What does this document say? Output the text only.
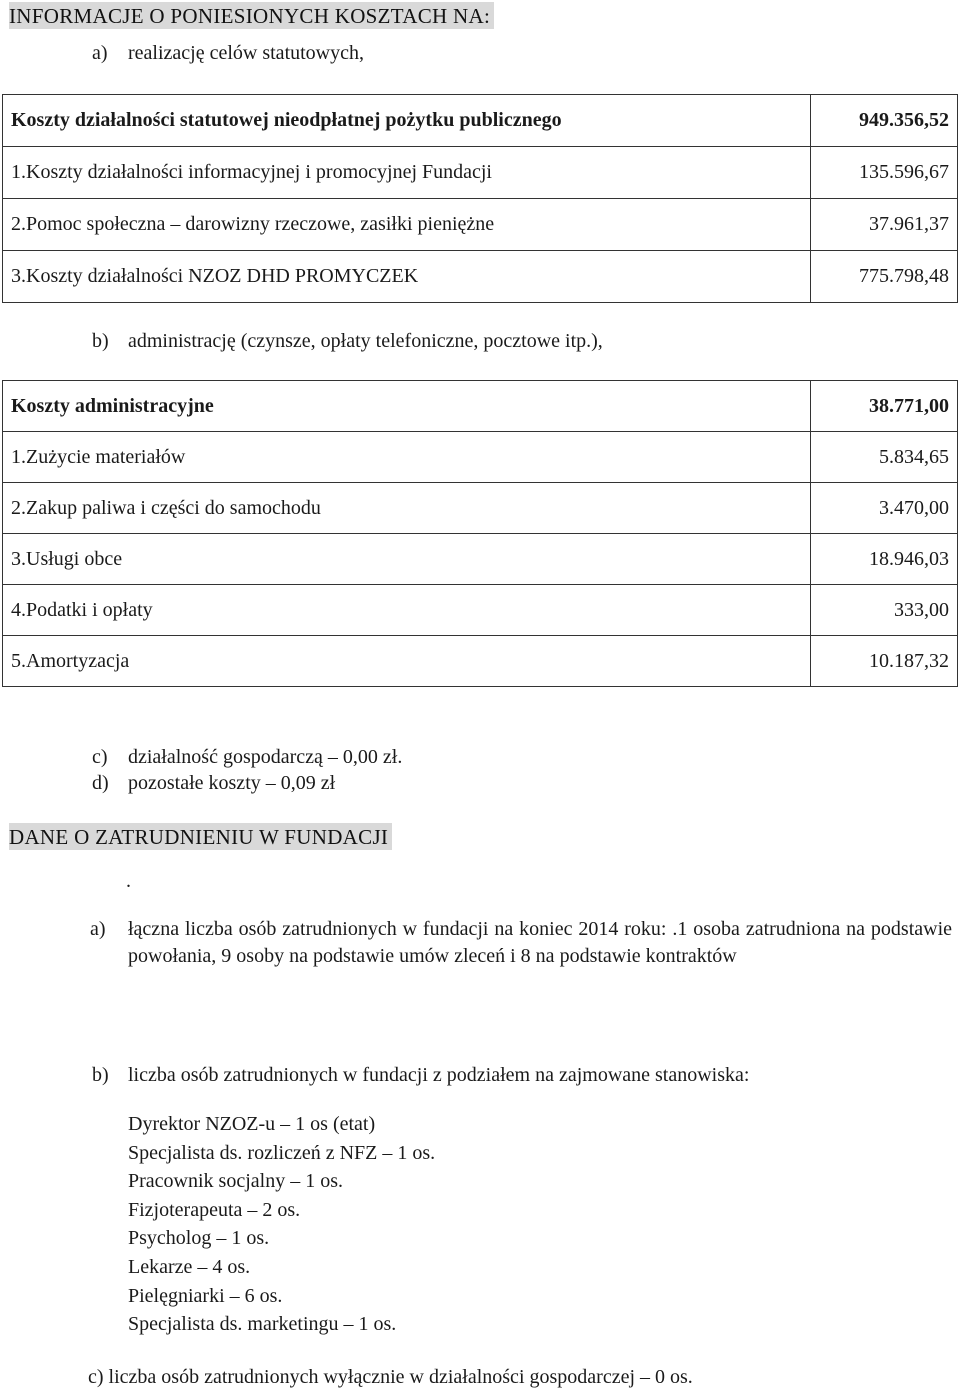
INFORMACJE O PONIESIONYCH KOSZTACH NA:
a) realizację celów statutowych,
Koszty działalności statutowej nieodpłatnej pożytku publicznego	949.356,52
1.Koszty działalności informacyjnej i promocyjnej Fundacji	135.596,67
2.Pomoc społeczna – darowizny rzeczowe, zasiłki pieniężne	37.961,37
3.Koszty działalności NZOZ DHD PROMYCZEK	775.798,48
b) administrację (czynsze, opłaty telefoniczne, pocztowe itp.),
Koszty administracyjne	38.771,00
1.Zużycie materiałów	5.834,65
2.Zakup paliwa i części do samochodu	3.470,00
3.Usługi obce	18.946,03
4.Podatki i opłaty	333,00
5.Amortyzacja	10.187,32
c) działalność gospodarczą – 0,00 zł.
d) pozostałe koszty – 0,09 zł
DANE O ZATRUDNIENIU W FUNDACJI
.
a) łączna liczba osób zatrudnionych w fundacji na koniec 2014 roku: .1 osoba zatrudniona na podstawie powołania, 9 osoby na podstawie umów zleceń i 8 na podstawie kontraktów
b) liczba osób zatrudnionych w fundacji z podziałem na zajmowane stanowiska:
Dyrektor NZOZ-u – 1 os (etat)
Specjalista ds. rozliczeń z NFZ – 1 os.
Pracownik socjalny – 1 os.
Fizjoterapeuta – 2 os.
Psycholog – 1 os.
Lekarze – 4 os.
Pielęgniarki – 6 os.
Specjalista ds. marketingu – 1 os.
c) liczba osób zatrudnionych wyłącznie w działalności gospodarczej – 0 os.
